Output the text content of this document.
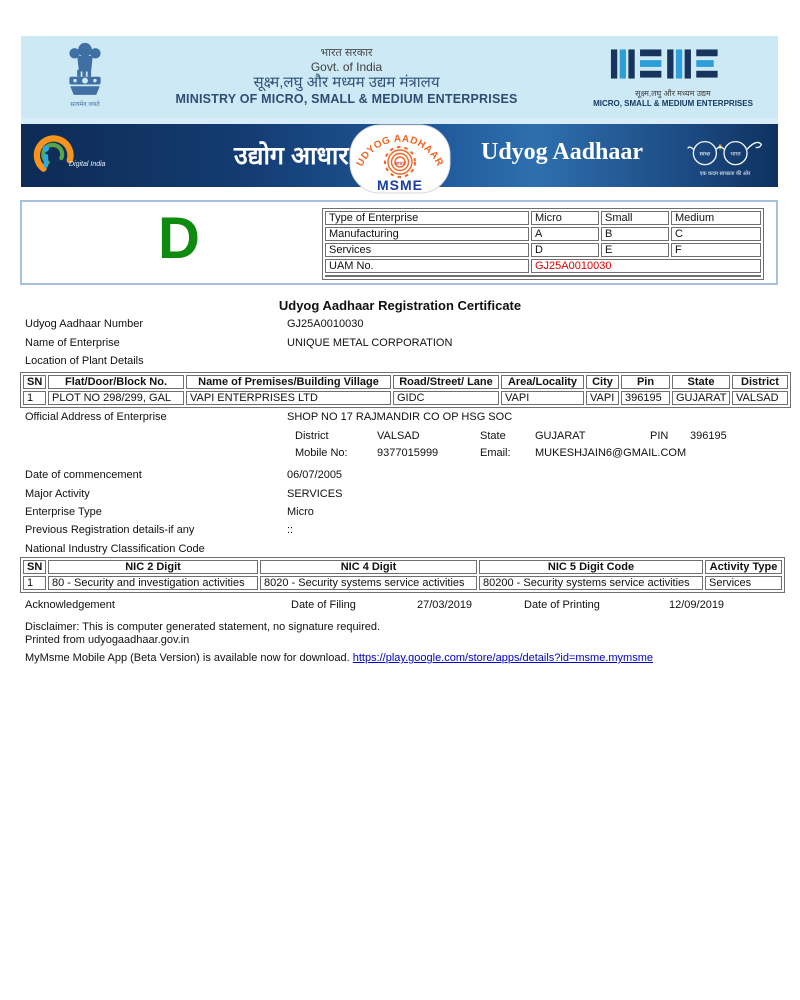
सत्यमेव जयते
भारत सरकार
Govt. of India
सूक्ष्म,लघु और मध्यम उद्यम मंत्रालय
MINISTRY OF MICRO, SMALL & MEDIUM ENTERPRISES	सूक्ष्म,लघु और मध्यम उद्यम
MICRO, SMALL & MEDIUM ENTERPRISES
Digital India	उद्योग आधार UDYOG AADHAAR
आधार
MSME
Udyog Aadhaar	स्वच्छ	भारत
एक कदम स्वच्छता की ओर
D	Type of Enterprise	Micro	Small	Medium
Manufacturing	A	B	C
Services	D	E	F
UAM No.	GJ25A0010030		

Udyog Aadhaar Registration Certificate
Udyog Aadhaar Number	GJ25A0010030
Name of Enterprise	UNIQUE METAL CORPORATION
Location of Plant Details
SN	Flat/Door/Block No.	Name of Premises/Building Village	Road/Street/ Lane	Area/Locality	City	Pin	State	District
1	PLOT NO 298/299, GAL	VAPI ENTERPRISES LTD	GIDC	VAPI	VAPI	396195	GUJARAT	VALSAD
Official Address of Enterprise	SHOP NO 17 RAJMANDIR CO OP HSG SOC
District	VALSAD	State	GUJARAT	PIN 396195
Mobile No:	9377015999	Email: MUKESHJAIN6@GMAIL.COM
Date of commencement	06/07/2005
Major Activity	SERVICES
Enterprise Type	Micro
Previous Registration details-if any	::
National Industry Classification Code
SN	NIC 2 Digit	NIC 4 Digit	NIC 5 Digit Code	Activity Type
1	80 - Security and investigation activities	8020 - Security systems service activities	80200 - Security systems service activities	Services
Acknowledgement	Date of Filing	27/03/2019	Date of Printing	12/09/2019
Disclaimer: This is computer generated statement, no signature required.
Printed from udyogaadhaar.gov.in
MyMsme Mobile App (Beta Version) is available now for download. https://play.google.com/store/apps/details?id=msme.mymsme
